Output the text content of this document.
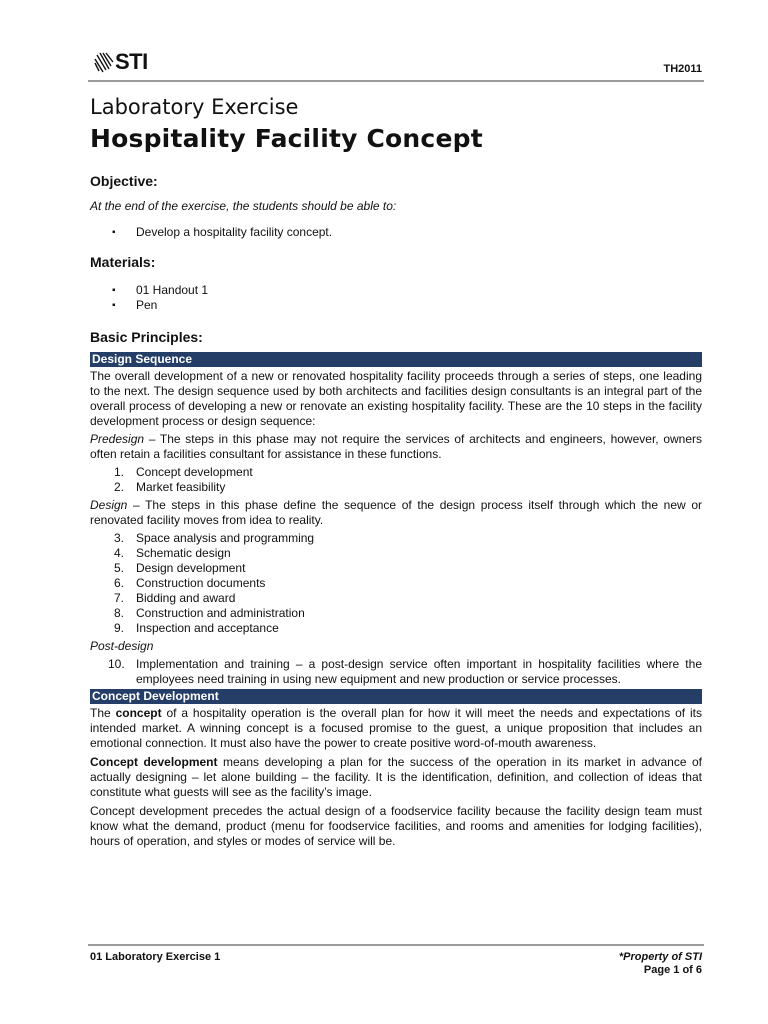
STI	TH2011
Laboratory Exercise
Hospitality Facility Concept
Objective:

At the end of the exercise, the students should be able to:

▪ Develop a hospitality facility concept.
Materials:
▪ 01 Handout 1
▪ Pen
Basic Principles:
Design Sequence

The overall development of a new or renovated hospitality facility proceeds through a series of steps, one leading to the next. The design sequence used by both architects and facilities design consultants is an integral part of the overall process of developing a new or renovate an existing hospitality facility. These are the 10 steps in the facility development process or design sequence:

Predesign – The steps in this phase may not require the services of architects and engineers, however, owners often retain a facilities consultant for assistance in these functions.

1. Concept development
2. Market feasibility

Design – The steps in this phase define the sequence of the design process itself through which the new or renovated facility moves from idea to reality.

3. Space analysis and programming
4. Schematic design
5. Design development
6. Construction documents
7. Bidding and award
8. Construction and administration
9. Inspection and acceptance

Post-design

10. Implementation and training – a post-design service often important in hospitality facilities where the employees need training in using new equipment and new production or service processes.
Concept Development

The concept of a hospitality operation is the overall plan for how it will meet the needs and expectations of its intended market. A winning concept is a focused promise to the guest, a unique proposition that includes an emotional connection. It must also have the power to create positive word-of-mouth awareness.

Concept development means developing a plan for the success of the operation in its market in advance of actually designing – let alone building – the facility. It is the identification, definition, and collection of ideas that constitute what guests will see as the facility’s image.

Concept development precedes the actual design of a foodservice facility because the facility design team must know what the demand, product (menu for foodservice facilities, and rooms and amenities for lodging facilities), hours of operation, and styles or modes of service will be.

01 Laboratory Exercise 1	*Property of STI
Page 1 of 6
